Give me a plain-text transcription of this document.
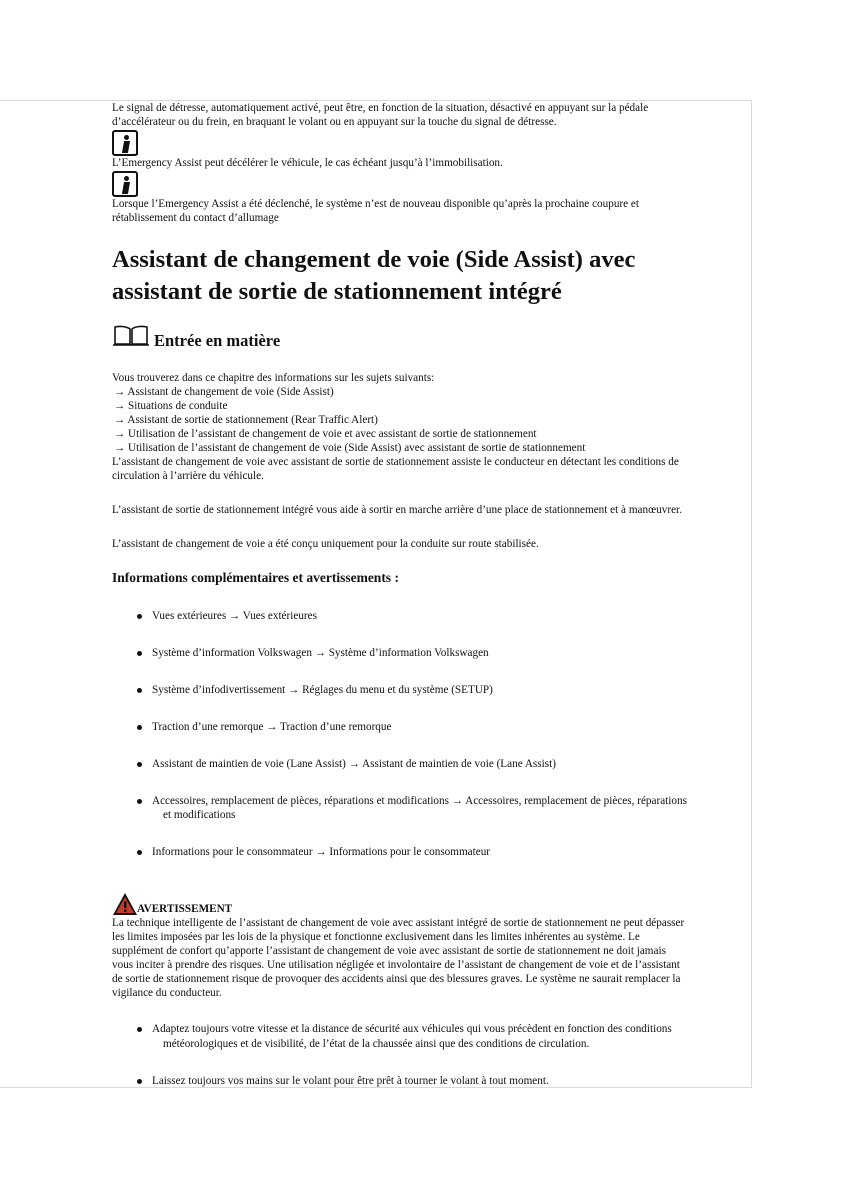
Le signal de détresse, automatiquement activé, peut être, en fonction de la situation, désactivé en appuyant sur la pédale
d’accélérateur ou du frein, en braquant le volant ou en appuyant sur la touche du signal de détresse.
L’Emergency Assist peut décélérer le véhicule, le cas échéant jusqu’à l’immobilisation.
Lorsque l’Emergency Assist a été déclenché, le système n’est de nouveau disponible qu’après la prochaine coupure et
rétablissement du contact d’allumage
Assistant de changement de voie (Side Assist) avec
assistant de sortie de stationnement intégré
Entrée en matière
Vous trouverez dans ce chapitre des informations sur les sujets suivants:
→ Assistant de changement de voie (Side Assist)
→ Situations de conduite
→ Assistant de sortie de stationnement (Rear Traffic Alert)
→ Utilisation de l’assistant de changement de voie et avec assistant de sortie de stationnement
→ Utilisation de l’assistant de changement de voie (Side Assist) avec assistant de sortie de stationnement
L’assistant de changement de voie avec assistant de sortie de stationnement assiste le conducteur en détectant les conditions de
circulation à l’arrière du véhicule.
L’assistant de sortie de stationnement intégré vous aide à sortir en marche arrière d’une place de stationnement et à manœuvrer.
L’assistant de changement de voie a été conçu uniquement pour la conduite sur route stabilisée.
Informations complémentaires et avertissements :
Vues extérieures → Vues extérieures
Système d’information Volkswagen → Système d’information Volkswagen
Système d’infodivertissement → Réglages du menu et du système (SETUP)
Traction d’une remorque → Traction d’une remorque
Assistant de maintien de voie (Lane Assist) → Assistant de maintien de voie (Lane Assist)
Accessoires, remplacement de pièces, réparations et modifications → Accessoires, remplacement de pièces, réparations
et modifications
Informations pour le consommateur → Informations pour le consommateur
AVERTISSEMENT
La technique intelligente de l’assistant de changement de voie avec assistant intégré de sortie de stationnement ne peut dépasser
les limites imposées par les lois de la physique et fonctionne exclusivement dans les limites inhérentes au système. Le
supplément de confort qu’apporte l’assistant de changement de voie avec assistant de sortie de stationnement ne doit jamais
vous inciter à prendre des risques. Une utilisation négligée et involontaire de l’assistant de changement de voie et de l’assistant
de sortie de stationnement risque de provoquer des accidents ainsi que des blessures graves. Le système ne saurait remplacer la
vigilance du conducteur.
Adaptez toujours votre vitesse et la distance de sécurité aux véhicules qui vous précèdent en fonction des conditions
météorologiques et de visibilité, de l’état de la chaussée ainsi que des conditions de circulation.
Laissez toujours vos mains sur le volant pour être prêt à tourner le volant à tout moment.
